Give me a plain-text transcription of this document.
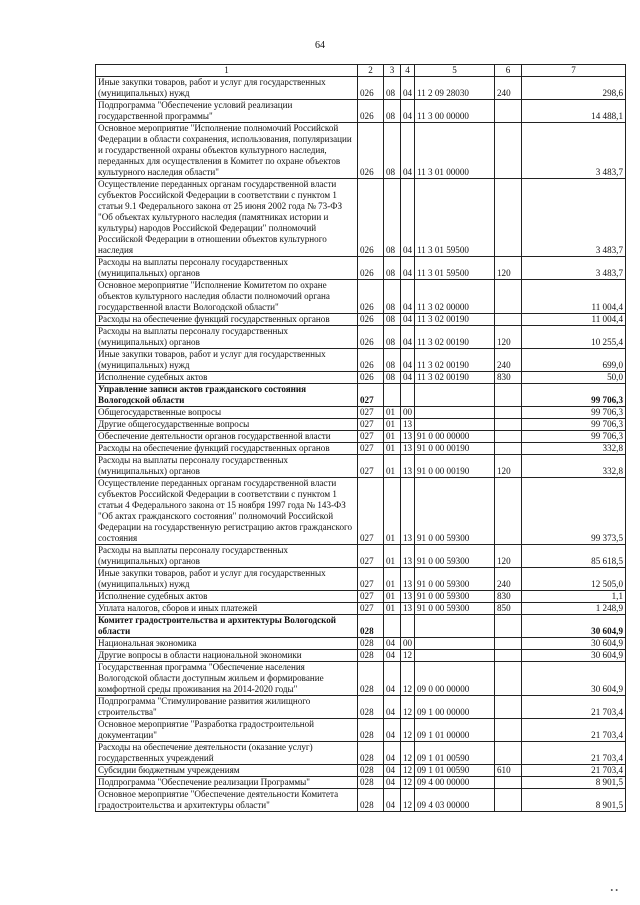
64
1	2	3	4	5	6	7
Иные закупки товаров, работ и услуг для государственных (муниципальных) нужд	026	08	04	11 2 09 28030	240	298,6
Подпрограмма "Обеспечение условий реализации государственной программы"	026	08	04	11 3 00 00000		14 488,1
Основное мероприятие "Исполнение полномочий Российской Федерации в области сохранения, использования, популяризации и государственной охраны объектов культурного наследия, переданных для осуществления в Комитет по охране объектов культурного наследия области"	026	08	04	11 3 01 00000		3 483,7
Осуществление переданных органам государственной власти субъектов Российской Федерации в соответствии с пунктом 1 статьи 9.1 Федерального закона от 25 июня 2002 года № 73-ФЗ "Об объектах культурного наследия (памятниках истории и культуры) народов Российской Федерации" полномочий Российской Федерации в отношении объектов культурного наследия	026	08	04	11 3 01 59500		3 483,7
Расходы на выплаты персоналу государственных (муниципальных) органов	026	08	04	11 3 01 59500	120	3 483,7
Основное мероприятие "Исполнение Комитетом по охране объектов культурного наследия области полномочий органа государственной власти Вологодской области"	026	08	04	11 3 02 00000		11 004,4
Расходы на обеспечение функций государственных органов	026	08	04	11 3 02 00190		11 004,4
Расходы на выплаты персоналу государственных (муниципальных) органов	026	08	04	11 3 02 00190	120	10 255,4
Иные закупки товаров, работ и услуг для государственных (муниципальных) нужд	026	08	04	11 3 02 00190	240	699,0
Исполнение судебных актов	026	08	04	11 3 02 00190	830	50,0
Управление записи актов гражданского состояния Вологодской области	027					99 706,3
Общегосударственные вопросы	027	01	00			99 706,3
Другие общегосударственные вопросы	027	01	13			99 706,3
Обеспечение деятельности органов государственной власти	027	01	13	91 0 00 00000		99 706,3
Расходы на обеспечение функций государственных органов	027	01	13	91 0 00 00190		332,8
Расходы на выплаты персоналу государственных (муниципальных) органов	027	01	13	91 0 00 00190	120	332,8
Осуществление переданных органам государственной власти субъектов Российской Федерации в соответствии с пунктом 1 статьи 4 Федерального закона от 15 ноября 1997 года № 143-ФЗ "Об актах гражданского состояния" полномочий Российской Федерации на государственную регистрацию актов гражданского состояния	027	01	13	91 0 00 59300		99 373,5
Расходы на выплаты персоналу государственных (муниципальных) органов	027	01	13	91 0 00 59300	120	85 618,5
Иные закупки товаров, работ и услуг для государственных (муниципальных) нужд	027	01	13	91 0 00 59300	240	12 505,0
Исполнение судебных актов	027	01	13	91 0 00 59300	830	1,1
Уплата налогов, сборов и иных платежей	027	01	13	91 0 00 59300	850	1 248,9
Комитет градостроительства и архитектуры Вологодской области	028					30 604,9
Национальная экономика	028	04	00			30 604,9
Другие вопросы в области национальной экономики	028	04	12			30 604,9
Государственная программа "Обеспечение населения Вологодской области доступным жильем и формирование комфортной среды проживания на 2014-2020 годы"	028	04	12	09 0 00 00000		30 604,9
Подпрограмма "Стимулирование развития жилищного строительства"	028	04	12	09 1 00 00000		21 703,4
Основное мероприятие "Разработка градостроительной документации"	028	04	12	09 1 01 00000		21 703,4
Расходы на обеспечение деятельности (оказание услуг) государственных учреждений	028	04	12	09 1 01 00590		21 703,4
Субсидии бюджетным учреждениям	028	04	12	09 1 01 00590	610	21 703,4
Подпрограмма "Обеспечение реализации Программы"	028	04	12	09 4 00 00000		8 901,5
Основное мероприятие "Обеспечение деятельности Комитета градостроительства и архитектуры области"	028	04	12	09 4 03 00000		8 901,5
• •
